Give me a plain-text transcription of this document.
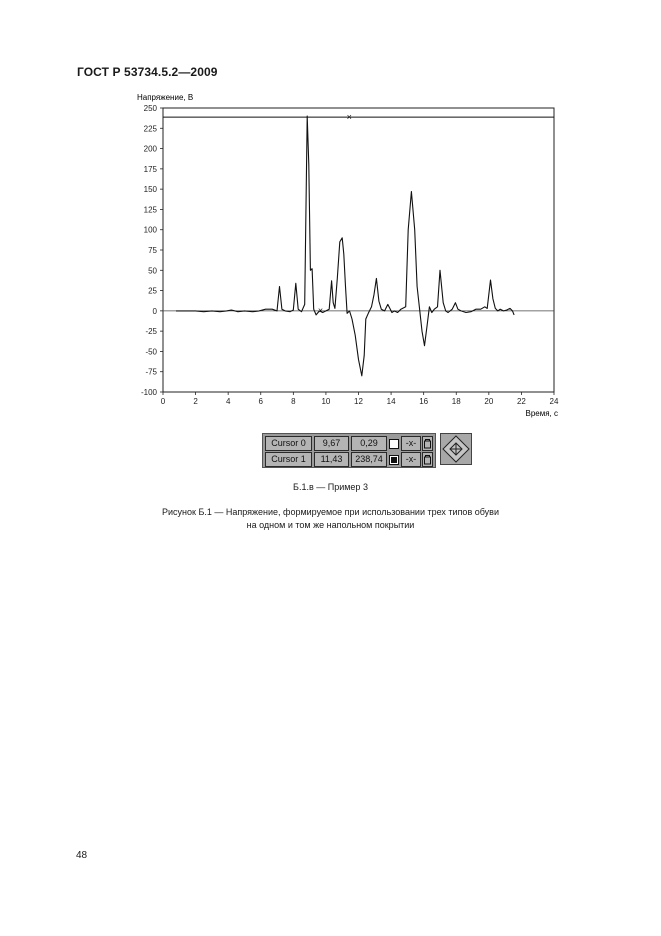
ГОСТ Р 53734.5.2—2009
250
225
200
175
150
125
100
75
50
25
0
-25
-50
-75
-100
0	2	4	6	8	10	12	14	16	18	20	22	24
Напряжение, В
Время, с
×
×
Cursor 0	9,67	0,29	-x-
Cursor 1	11,43	238,74	-x-
Б.1.в — Пример 3
Рисунок Б.1 — Напряжение, формируемое при использовании трех типов обуви
на одном и том же напольном покрытии
48
